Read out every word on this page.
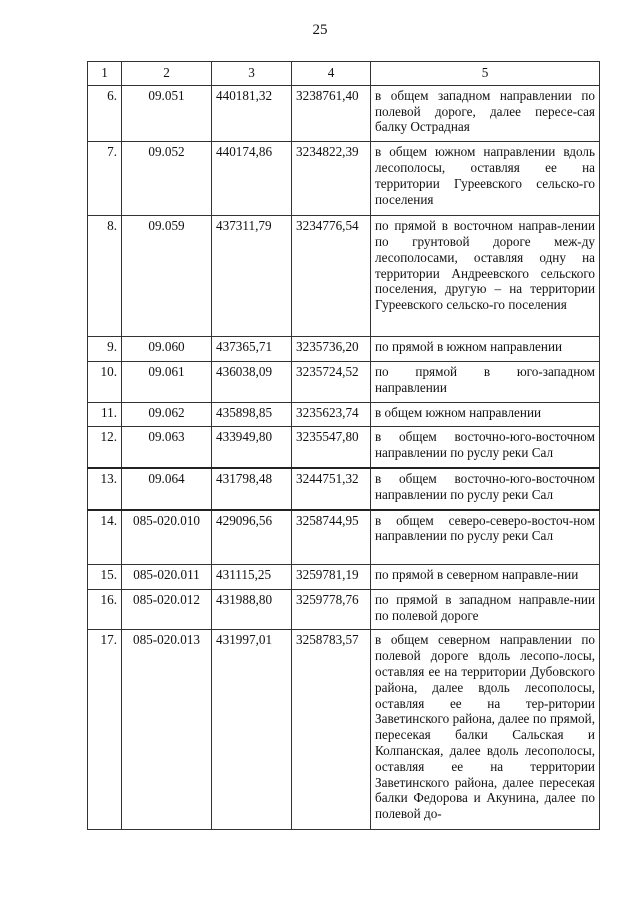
25
1	2	3	4	5
6.	09.051	440181,32	3238761,40	в общем западном направлении по полевой дороге, далее пересе-сая балку Остраднaя
7.	09.052	440174,86	3234822,39	в общем южном направлении вдоль лесополосы, оставляя ее на территории Гуреевского сельско-го поселения
8.	09.059	437311,79	3234776,54	по прямой в восточном направ-лении по грунтовой дороге меж-ду лесополосами, оставляя одну на территории Андреевского сельского поселения, другую – на территории Гуреевского сельско-го поселения
9.	09.060	437365,71	3235736,20	по прямой в южном направлении
10.	09.061	436038,09	3235724,52	по прямой в юго-западном направлении
11.	09.062	435898,85	3235623,74	в общем южном направлении
12.	09.063	433949,80	3235547,80	в общем восточно-юго-восточном направлении по руслу реки Сал
13.	09.064	431798,48	3244751,32	в общем восточно-юго-восточном направлении по руслу реки Сал
14.	085-020.010	429096,56	3258744,95	в общем северо-северо-восточ-ном направлении по руслу реки Сал
15.	085-020.011	431115,25	3259781,19	по прямой в северном направле-нии
16.	085-020.012	431988,80	3259778,76	по прямой в западном направле-нии по полевой дороге
17.	085-020.013	431997,01	3258783,57	в общем северном направлении по полевой дороге вдоль лесопо-лосы, оставляя ее на территории Дубовского района, далее вдоль лесополосы, оставляя ее на тер-ритории Заветинского района, далее по прямой, пересекая балки Сальская и Колпанская, далее вдоль лесополосы, оставляя ее на территории Заветинского района, далее пересекая балки Федорова и Акунина, далее по полевой до-
